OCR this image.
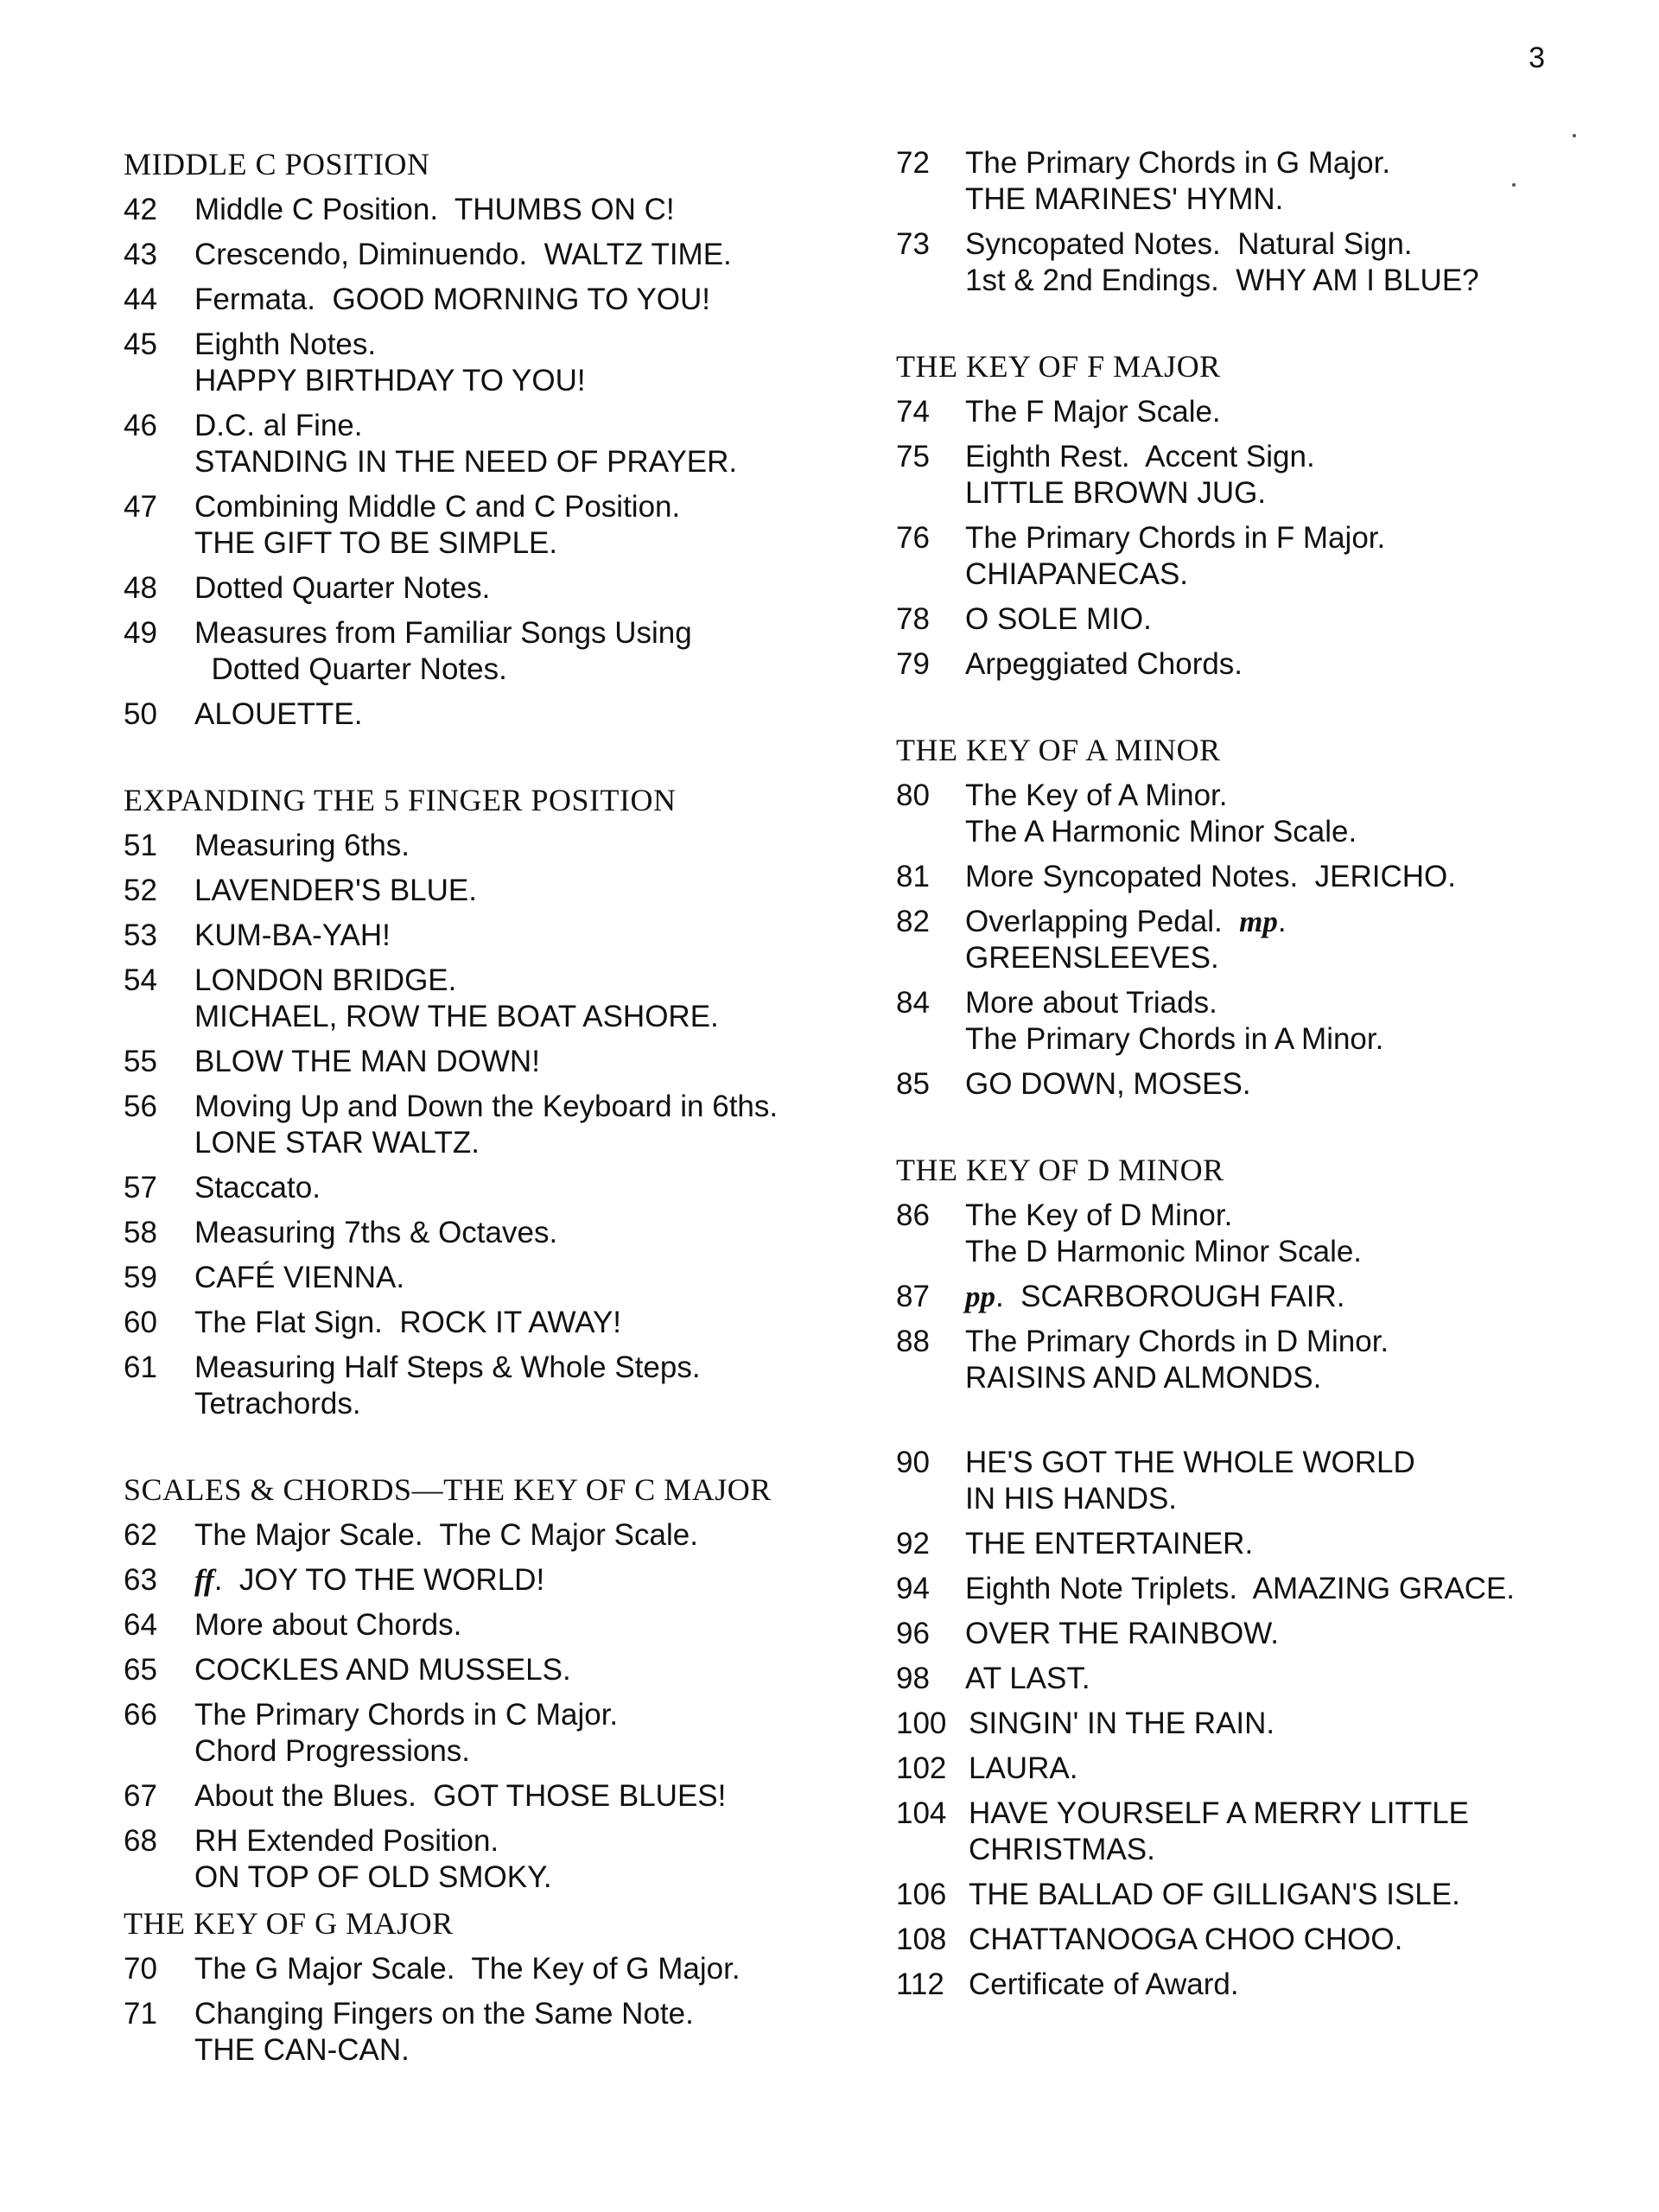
3
MIDDLE C POSITION
42	Middle C Position.  THUMBS ON C!
43	Crescendo, Diminuendo.  WALTZ TIME.
44	Fermata.  GOOD MORNING TO YOU!
45	Eighth Notes.
HAPPY BIRTHDAY TO YOU!
46	D.C. al Fine.
STANDING IN THE NEED OF PRAYER.
47	Combining Middle C and C Position.
THE GIFT TO BE SIMPLE.
48	Dotted Quarter Notes.
49	Measures from Familiar Songs Using
Dotted Quarter Notes.
50	ALOUETTE.
EXPANDING THE 5 FINGER POSITION
51	Measuring 6ths.
52	LAVENDER'S BLUE.
53	KUM-BA-YAH!
54	LONDON BRIDGE.
MICHAEL, ROW THE BOAT ASHORE.
55	BLOW THE MAN DOWN!
56	Moving Up and Down the Keyboard in 6ths.
LONE STAR WALTZ.
57	Staccato.
58	Measuring 7ths & Octaves.
59	CAFÉ VIENNA.
60	The Flat Sign.  ROCK IT AWAY!
61	Measuring Half Steps & Whole Steps.
Tetrachords.
SCALES & CHORDS—THE KEY OF C MAJOR
62	The Major Scale.  The C Major Scale.
63	ff.  JOY TO THE WORLD!
64	More about Chords.
65	COCKLES AND MUSSELS.
66	The Primary Chords in C Major.
Chord Progressions.
67	About the Blues.  GOT THOSE BLUES!
68	RH Extended Position.
ON TOP OF OLD SMOKY.
THE KEY OF G MAJOR
70	The G Major Scale.  The Key of G Major.
71	Changing Fingers on the Same Note.
THE CAN-CAN.
72	The Primary Chords in G Major.
THE MARINES' HYMN.
73	Syncopated Notes.  Natural Sign.
1st & 2nd Endings.  WHY AM I BLUE?
THE KEY OF F MAJOR
74	The F Major Scale.
75	Eighth Rest.  Accent Sign.
LITTLE BROWN JUG.
76	The Primary Chords in F Major.
CHIAPANECAS.
78	O SOLE MIO.
79	Arpeggiated Chords.
THE KEY OF A MINOR
80	The Key of A Minor.
The A Harmonic Minor Scale.
81	More Syncopated Notes.  JERICHO.
82	Overlapping Pedal.  mp.
GREENSLEEVES.
84	More about Triads.
The Primary Chords in A Minor.
85	GO DOWN, MOSES.
THE KEY OF D MINOR
86	The Key of D Minor.
The D Harmonic Minor Scale.
87	pp.  SCARBOROUGH FAIR.
88	The Primary Chords in D Minor.
RAISINS AND ALMONDS.
90	HE'S GOT THE WHOLE WORLD
IN HIS HANDS.
92	THE ENTERTAINER.
94	Eighth Note Triplets.  AMAZING GRACE.
96	OVER THE RAINBOW.
98	AT LAST.
100 SINGIN' IN THE RAIN.
102 LAURA.
104 HAVE YOURSELF A MERRY LITTLE
CHRISTMAS.
106 THE BALLAD OF GILLIGAN'S ISLE.
108 CHATTANOOGA CHOO CHOO.
112 Certificate of Award.
